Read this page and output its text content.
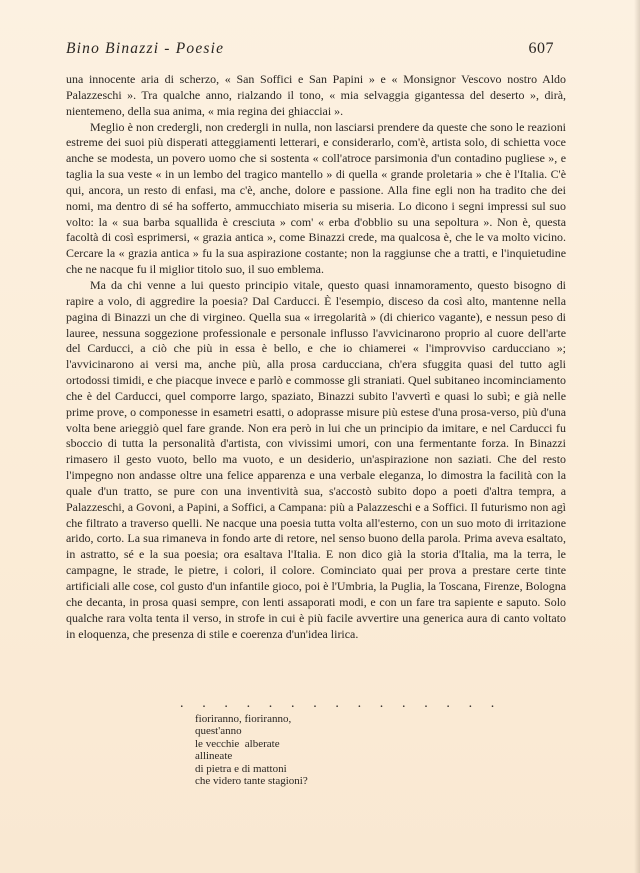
Bino Binazzi - Poesie	607

una innocente aria di scherzo, « San Soffici e San Papini » e « Monsignor Vescovo nostro Aldo Palazzeschi ». Tra qualche anno, rialzando il tono, « mia selvaggia gigantessa del deserto », dirà, nientemeno, della sua anima, « mia regina dei ghiacciai ».

Meglio è non credergli, non credergli in nulla, non lasciarsi prendere da queste che sono le reazioni estreme dei suoi più disperati atteggiamenti letterari, e considerarlo, com'è, artista solo, di schietta voce anche se modesta, un povero uomo che si sostenta « coll'atroce parsimonia d'un contadino pugliese », e taglia la sua veste « in un lembo del tragico mantello » di quella « grande proletaria » che è l'Italia. C'è qui, ancora, un resto di enfasi, ma c'è, anche, dolore e passione. Alla fine egli non ha tradito che dei nomi, ma dentro di sé ha sofferto, ammucchiato miseria su miseria. Lo dicono i segni impressi sul suo volto: la « sua barba squallida è cresciuta » com' « erba d'obblio su una sepoltura ». Non è, questa facoltà di così esprimersi, « grazia antica », come Binazzi crede, ma qualcosa è, che le va molto vicino. Cercare la « grazia antica » fu la sua aspirazione costante; non la raggiunse che a tratti, e l'inquietudine che ne nacque fu il miglior titolo suo, il suo emblema.

Ma da chi venne a lui questo principio vitale, questo quasi innamoramento, questo bisogno di rapire a volo, di aggredire la poesia? Dal Carducci. È l'esempio, disceso da così alto, mantenne nella pagina di Binazzi un che di virgineo. Quella sua « irregolarità » (di chierico vagante), e nessun peso di lauree, nessuna soggezione professionale e personale influsso l'avvicinarono proprio al cuore dell'arte del Carducci, a ciò che più in essa è bello, e che io chiamerei « l'improvviso carducciano »; l'avvicinarono ai versi ma, anche più, alla prosa carducciana, ch'era sfuggita quasi del tutto agli ortodossi timidi, e che piacque invece e parlò e commosse gli straniati. Quel subitaneo incominciamento che è del Carducci, quel comporre largo, spaziato, Binazzi subito l'avvertì e quasi lo subì; e già nelle prime prove, o componesse in esametri esatti, o adoprasse misure più estese d'una prosa-verso, più d'una volta bene arieggiò quel fare grande. Non era però in lui che un principio da imitare, e nel Carducci fu sboccio di tutta la personalità d'artista, con vivissimi umori, con una fermentante forza. In Binazzi rimasero il gesto vuoto, bello ma vuoto, e un desiderio, un'aspirazione non saziati. Che del resto l'impegno non andasse oltre una felice apparenza e una verbale eleganza, lo dimostra la facilità con la quale d'un tratto, se pure con una inventività sua, s'accostò subito dopo a poeti d'altra tempra, a Palazzeschi, a Govoni, a Papini, a Soffici, a Campana: più a Palazzeschi e a Soffici. Il futurismo non agì che filtrato a traverso quelli. Ne nacque una poesia tutta volta all'esterno, con un suo moto di irritazione arido, corto. La sua rimaneva in fondo arte di retore, nel senso buono della parola. Prima aveva esaltato, in astratto, sé e la sua poesia; ora esaltava l'Italia. E non dico già la storia d'Italia, ma la terra, le campagne, le strade, le pietre, i colori, il colore. Cominciato quai per prova a prestare certe tinte artificiali alle cose, col gusto d'un infantile gioco, poi è l'Umbria, la Puglia, la Toscana, Firenze, Bologna che decanta, in prosa quasi sempre, con lenti assaporati modi, e con un fare tra sapiente e saputo. Solo qualche rara volta tenta il verso, in strofe in cui è più facile avvertire una generica aura di canto voltato in eloquenza, che presenza di stile e coerenza d'un'idea lirica.

. . . . . . . . . . . . . . .
fioriranno, fioriranno,
quest'anno
le vecchie  alberate
allineate
di pietra e di mattoni
che videro tante stagioni?
